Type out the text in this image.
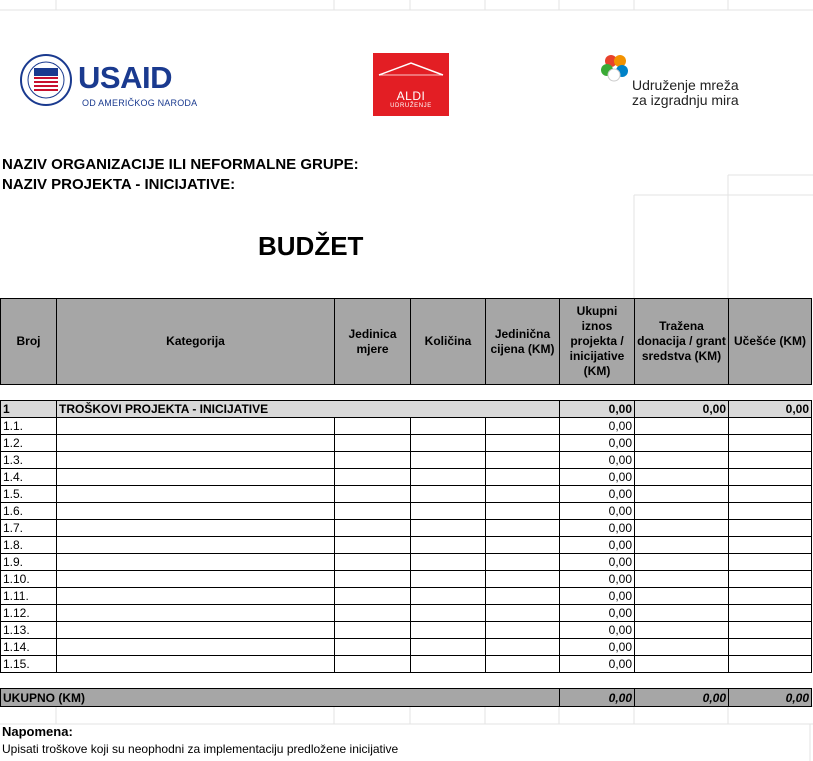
USAID
OD AMERIČKOG NARODA	ALDI
UDRUŽENJE
Udruženje mreža
za izgradnju mira
NAZIV ORGANIZACIJE ILI NEFORMALNE GRUPE:
NAZIV PROJEKTA - INICIJATIVE:
BUDŽET
Broj	Kategorija	Jedinica mjere	Količina	Jedinična cijena (KM)	Ukupni iznos projekta / inicijative (KM)	Tražena donacija / grant sredstva (KM)	Učešće (KM)

1	TROŠKOVI PROJEKTA - INICIJATIVE				0,00	0,00	0,00
1.1.					0,00		
1.2.					0,00		
1.3.					0,00		
1.4.					0,00		
1.5.					0,00		
1.6.					0,00		
1.7.					0,00		
1.8.					0,00		
1.9.					0,00		
1.10.					0,00		
1.11.					0,00		
1.12.					0,00		
1.13.					0,00		
1.14.					0,00		
1.15.					0,00		

UKUPNO (KM)					0,00	0,00	0,00
Napomena:
Upisati troškove koji su neophodni za implementaciju predložene inicijative
